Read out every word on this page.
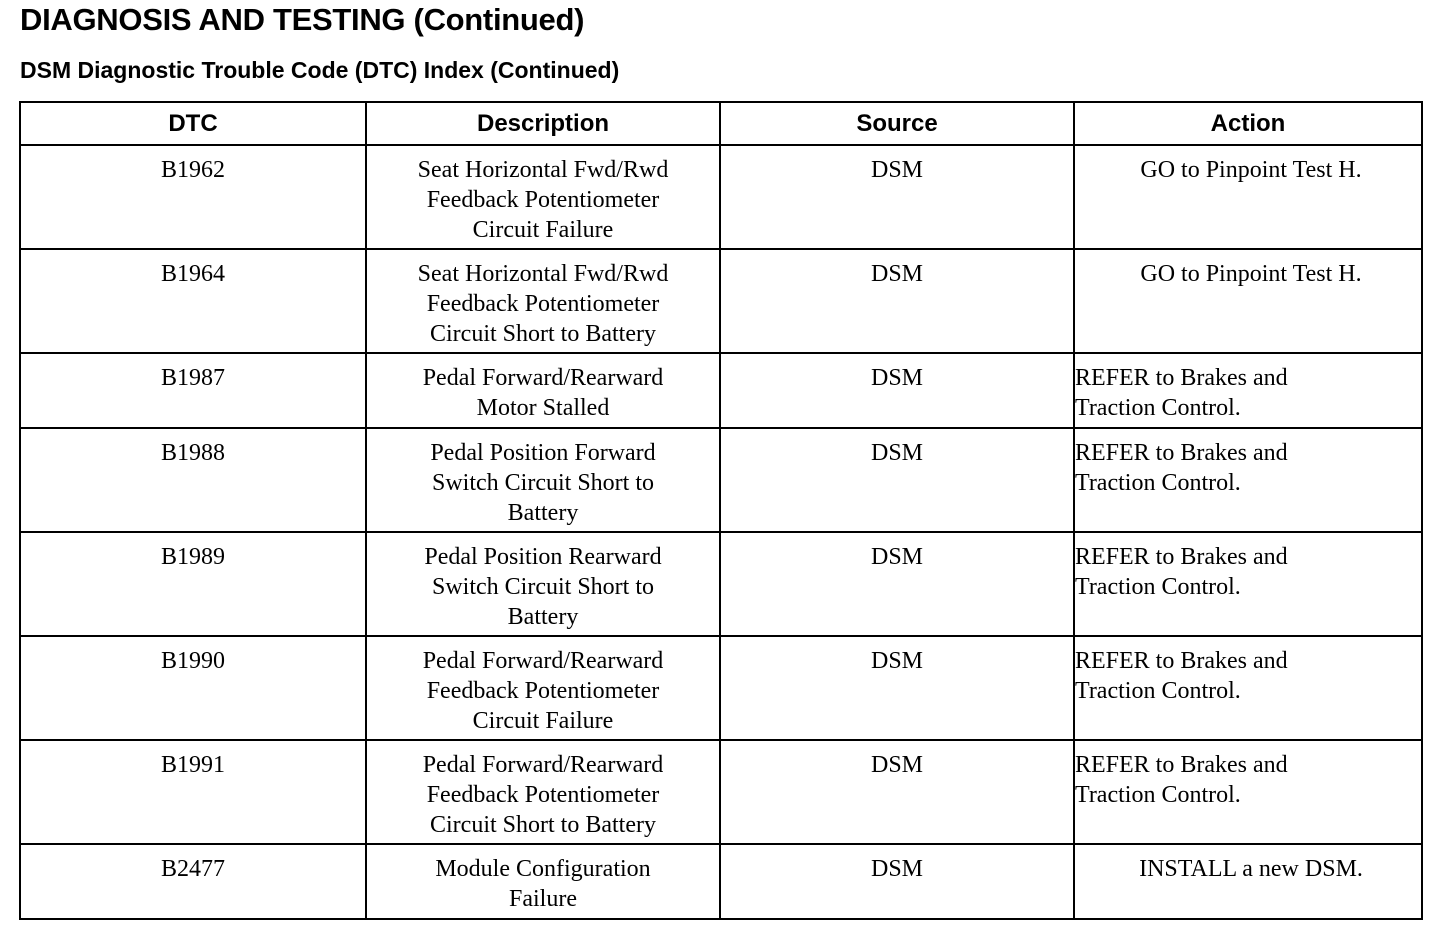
DIAGNOSIS AND TESTING (Continued)
DSM Diagnostic Trouble Code (DTC) Index (Continued)
DTC	Description	Source	Action
B1962	Seat Horizontal Fwd/Rwd
Feedback Potentiometer
Circuit Failure	DSM	GO to Pinpoint Test H.

B1964	Seat Horizontal Fwd/Rwd
Feedback Potentiometer
Circuit Short to Battery	DSM	GO to Pinpoint Test H.

B1987	Pedal Forward/Rearward
Motor Stalled	DSM	REFER to Brakes and
Traction Control.

B1988	Pedal Position Forward
Switch Circuit Short to
Battery	DSM	REFER to Brakes and
Traction Control.

B1989	Pedal Position Rearward
Switch Circuit Short to
Battery	DSM	REFER to Brakes and
Traction Control.

B1990	Pedal Forward/Rearward
Feedback Potentiometer
Circuit Failure	DSM	REFER to Brakes and
Traction Control.

B1991	Pedal Forward/Rearward
Feedback Potentiometer
Circuit Short to Battery	DSM	REFER to Brakes and
Traction Control.

B2477	Module Configuration
Failure	DSM	INSTALL a new DSM.
